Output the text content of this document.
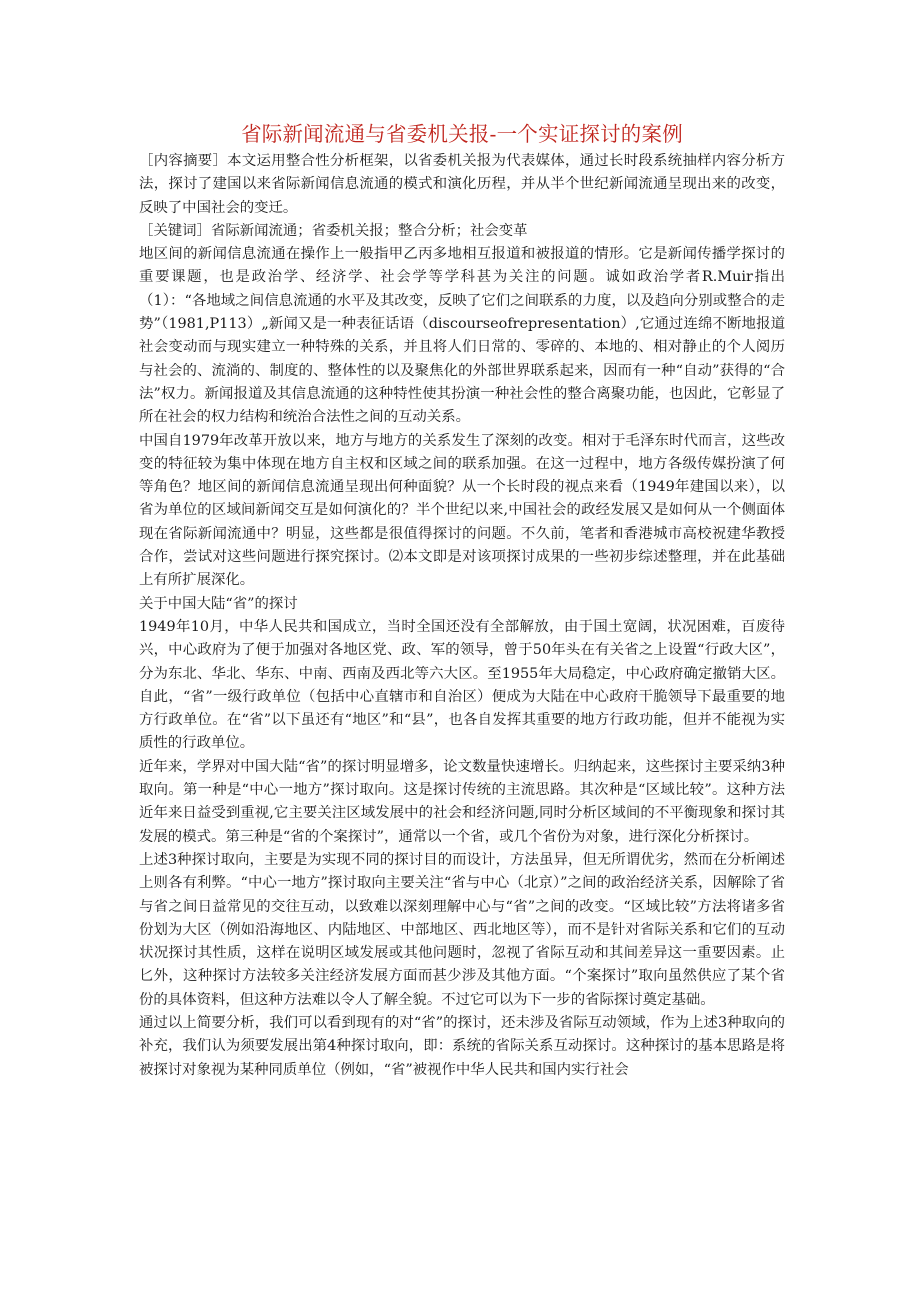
省际新闻流通与省委机关报-一个实证探讨的案例

［内容摘要］本文运用整合性分析框架，以省委机关报为代表媒体，通过长时段系统抽样内容分析方法，探讨了建国以来省际新闻信息流通的模式和演化历程，并从半个世纪新闻流通呈现出来的改变，反映了中国社会的变迁。

［关键词］省际新闻流通；省委机关报；整合分析；社会变革

地区间的新闻信息流通在操作上一般指甲乙丙多地相互报道和被报道的情形。它是新闻传播学探讨的重要课题，也是政治学、经济学、社会学等学科甚为关注的问题。诚如政治学者R.Muir指出（1）：“各地域之间信息流通的水平及其改变，反映了它们之间联系的力度，以及趋向分别或整合的走势”（1981,P113）„新闻又是一种表征话语（discourseofrepresentation）,它通过连绵不断地报道社会变动而与现实建立一种特殊的关系，并且将人们日常的、零碎的、本地的、相对静止的个人阅历与社会的、流淌的、制度的、整体性的以及聚焦化的外部世界联系起来，因而有一种“自动”获得的“合法”权力。新闻报道及其信息流通的这种特性使其扮演一种社会性的整合离聚功能，也因此，它彰显了所在社会的权力结构和统治合法性之间的互动关系。

中国自1979年改革开放以来，地方与地方的关系发生了深刻的改变。相对于毛泽东时代而言，这些改变的特征较为集中体现在地方自主权和区域之间的联系加强。在这一过程中，地方各级传媒扮演了何等角色？地区间的新闻信息流通呈现出何种面貌？从一个长时段的视点来看（1949年建国以来），以省为单位的区域间新闻交互是如何演化的？半个世纪以来,中国社会的政经发展又是如何从一个侧面体现在省际新闻流通中？明显，这些都是很值得探讨的问题。不久前，笔者和香港城市高校祝建华教授合作，尝试对这些问题进行探究探讨。⑵本文即是对该项探讨成果的一些初步综述整理，并在此基础上有所扩展深化。

关于中国大陆“省”的探讨

1949年10月，中华人民共和国成立，当时全国还没有全部解放，由于国土宽阔，状况困难，百废待兴，中心政府为了便于加强对各地区党、政、军的领导，曾于50年头在有关省之上设置“行政大区”，分为东北、华北、华东、中南、西南及西北等六大区。至1955年大局稳定，中心政府确定撤销大区。自此，“省”一级行政单位（包括中心直辖市和自治区）便成为大陆在中心政府干脆领导下最重要的地方行政单位。在“省”以下虽还有“地区”和“县”，也各自发挥其重要的地方行政功能，但并不能视为实质性的行政单位。

近年来，学界对中国大陆“省”的探讨明显增多，论文数量快速增长。归纳起来，这些探讨主要采纳3种取向。第一种是“中心一地方”探讨取向。这是探讨传统的主流思路。其次种是“区域比较”。这种方法近年来日益受到重视,它主要关注区域发展中的社会和经济问题,同时分析区域间的不平衡现象和探讨其发展的模式。第三种是“省的个案探讨”，通常以一个省，或几个省份为对象，进行深化分析探讨。

上述3种探讨取向，主要是为实现不同的探讨目的而设计，方法虽异，但无所谓优劣，然而在分析阐述上则各有利弊。“中心一地方”探讨取向主要关注“省与中心（北京）”之间的政治经济关系，因解除了省与省之间日益常见的交往互动，以致难以深刻理解中心与“省”之间的改变。“区域比较”方法将诸多省份划为大区（例如沿海地区、内陆地区、中部地区、西北地区等），而不是针对省际关系和它们的互动状况探讨其性质，这样在说明区域发展或其他问题时，忽视了省际互动和其间差异这一重要因素。止匕外，这种探讨方法较多关注经济发展方面而甚少涉及其他方面。“个案探讨”取向虽然供应了某个省份的具体资料，但这种方法难以令人了解全貌。不过它可以为下一步的省际探讨奠定基础。

通过以上简要分析，我们可以看到现有的对“省”的探讨，还未涉及省际互动领域，作为上述3种取向的补充，我们认为须要发展出第4种探讨取向，即：系统的省际关系互动探讨。这种探讨的基本思路是将被探讨对象视为某种同质单位（例如，“省”被视作中华人民共和国内实行社会
